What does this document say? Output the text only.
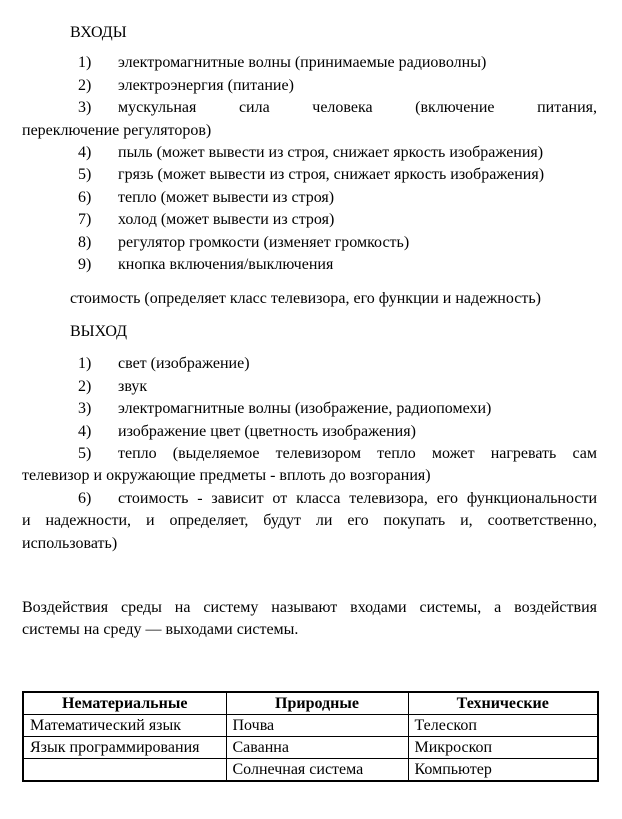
ВХОДЫ
1) электромагнитные волны (принимаемые радиоволны)
2) электроэнергия (питание)
3) мускульная сила человека (включение питания,
переключение регуляторов)
4) пыль (может вывести из строя, снижает яркость изображения)
5) грязь (может вывести из строя, снижает яркость изображения)
6) тепло (может вывести из строя)
7) холод (может вывести из строя)
8) регулятор громкости (изменяет громкость)
9) кнопка включения/выключения
стоимость (определяет класс телевизора, его функции и надежность)
ВЫХОД
1) свет (изображение)
2) звук
3) электромагнитные волны (изображение, радиопомехи)
4) изображение цвет (цветность изображения)
5) тепло (выделяемое телевизором тепло может нагревать сам
телевизор и окружающие предметы - вплоть до возгорания)
6) стоимость - зависит от класса телевизора, его функциональности
и надежности, и определяет, будут ли его покупать и, соответственно,
использовать)
Воздействия среды на систему называют входами системы, а воздействия
системы на среду — выходами системы.
Нематериальные	Природные	Технические
Математический язык	Почва	Телескоп
Язык программирования	Саванна	Микроскоп
	Солнечная система	Компьютер
